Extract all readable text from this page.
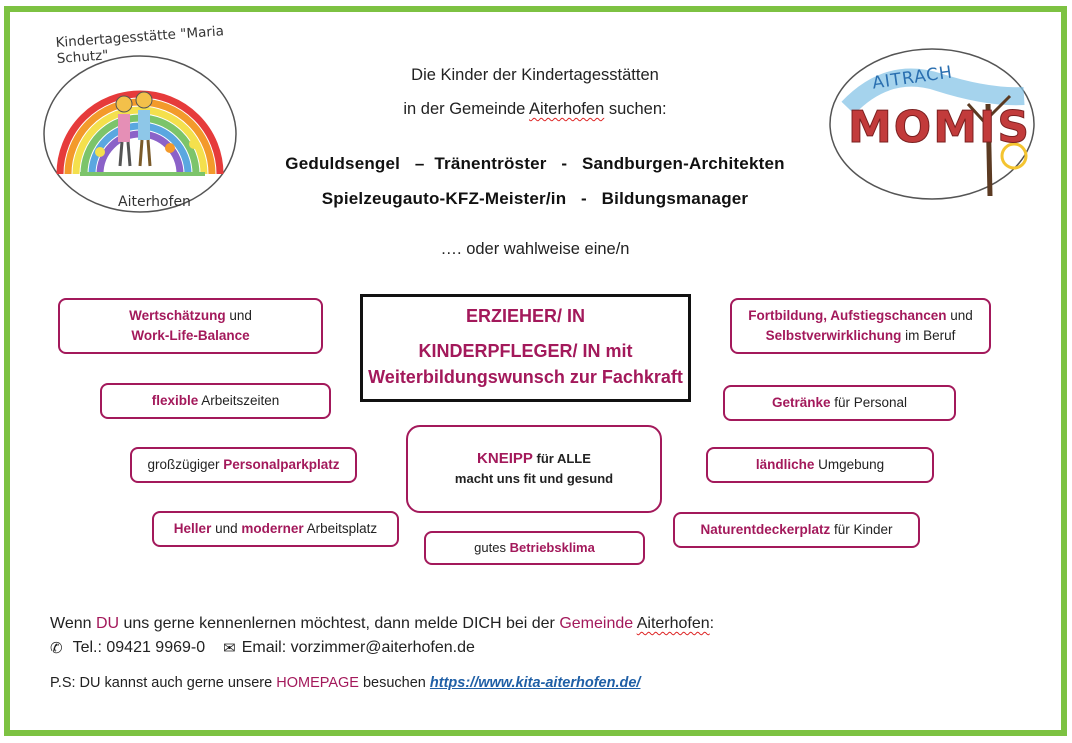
Kindertagesstätte "Maria Schutz"
Aiterhofen
AITRACH
MOMIS
Die Kinder der Kindertagesstätten
in der Gemeinde Aiterhofen suchen:
Geduldsengel   –  Tränentröster   -   Sandburgen-Architekten
Spielzeugauto-KFZ-Meister/in   -   Bildungsmanager
…. oder wahlweise eine/n
ERZIEHER/ IN
KINDERPFLEGER/ IN mit
Weiterbildungswunsch zur Fachkraft
Wertschätzung und
Work-Life-Balance
flexible Arbeitszeiten
großzügiger Personalparkplatz
Heller und moderner Arbeitsplatz
KNEIPP für ALLE
macht uns fit und gesund
gutes Betriebsklima
Fortbildung, Aufstiegschancen und
Selbstverwirklichung im Beruf
Getränke für Personal
ländliche Umgebung
Naturentdeckerplatz für Kinder
Wenn DU uns gerne kennenlernen möchtest, dann melde DICH bei der Gemeinde Aiterhofen:
✆ Tel.: 09421 9969-0 ✉ Email: vorzimmer@aiterhofen.de
P.S: DU kannst auch gerne unsere HOMEPAGE besuchen https://www.kita-aiterhofen.de/
